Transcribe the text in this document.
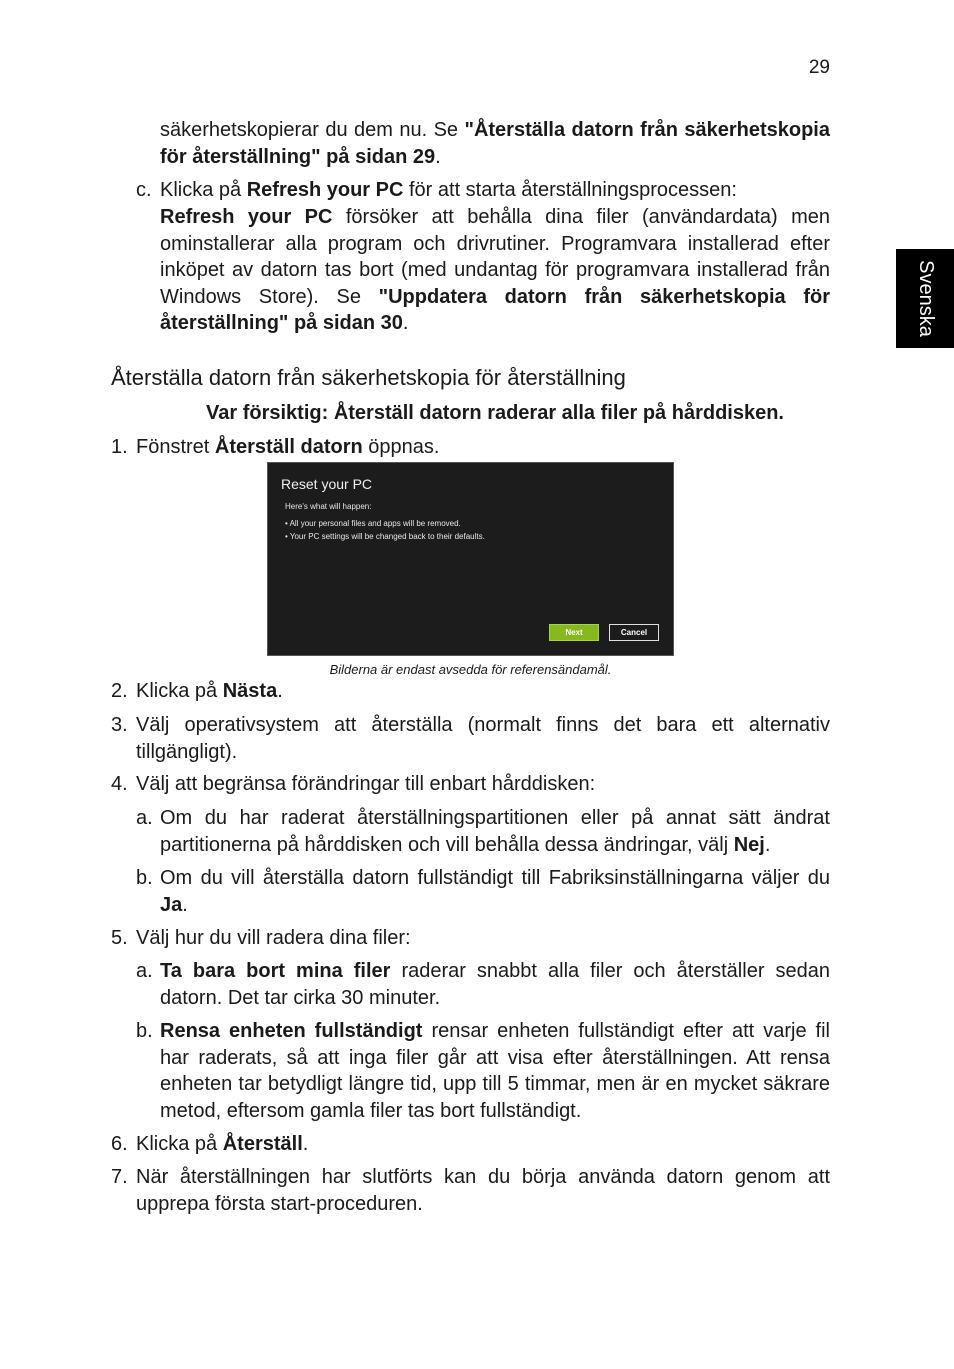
29
Svenska
säkerhetskopierar du dem nu. Se "Återställa datorn från säkerhetskopia för återställning" på sidan 29.
c. Klicka på Refresh your PC för att starta återställningsprocessen:
Refresh your PC försöker att behålla dina filer (användardata) men ominstallerar alla program och drivrutiner. Programvara installerad efter inköpet av datorn tas bort (med undantag för programvara installerad från Windows Store). Se "Uppdatera datorn från säkerhetskopia för återställning" på sidan 30.
Återställa datorn från säkerhetskopia för återställning
Var försiktig: Återställ datorn raderar alla filer på hårddisken.
1. Fönstret Återställ datorn öppnas.
Reset your PC
Here's what will happen:
• All your personal files and apps will be removed.
• Your PC settings will be changed back to their defaults.
Next	Cancel
Bilderna är endast avsedda för referensändamål.
2. Klicka på Nästa.
3. Välj operativsystem att återställa (normalt finns det bara ett alternativ tillgängligt).
4. Välj att begränsa förändringar till enbart hårddisken:
a. Om du har raderat återställningspartitionen eller på annat sätt ändrat partitionerna på hårddisken och vill behålla dessa ändringar, välj Nej.
b. Om du vill återställa datorn fullständigt till Fabriksinställningarna väljer du Ja.
5. Välj hur du vill radera dina filer:
a. Ta bara bort mina filer raderar snabbt alla filer och återställer sedan datorn. Det tar cirka 30 minuter.
b. Rensa enheten fullständigt rensar enheten fullständigt efter att varje fil har raderats, så att inga filer går att visa efter återställningen. Att rensa enheten tar betydligt längre tid, upp till 5 timmar, men är en mycket säkrare metod, eftersom gamla filer tas bort fullständigt.
6. Klicka på Återställ.
7. När återställningen har slutförts kan du börja använda datorn genom att upprepa första start-proceduren.
